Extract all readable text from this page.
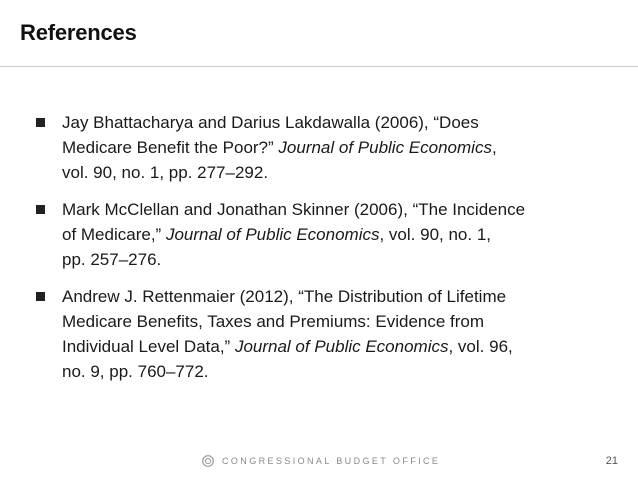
References
Jay Bhattacharya and Darius Lakdawalla (2006), “Does
Medicare Benefit the Poor?” Journal of Public Economics,
vol. 90, no. 1, pp. 277–292.
Mark McClellan and Jonathan Skinner (2006), “The Incidence
of Medicare,” Journal of Public Economics, vol. 90, no. 1,
pp. 257–276.
Andrew J. Rettenmaier (2012), “The Distribution of Lifetime
Medicare Benefits, Taxes and Premiums: Evidence from
Individual Level Data,” Journal of Public Economics, vol. 96,
no. 9, pp. 760–772.
CONGRESSIONAL BUDGET OFFICE	21
